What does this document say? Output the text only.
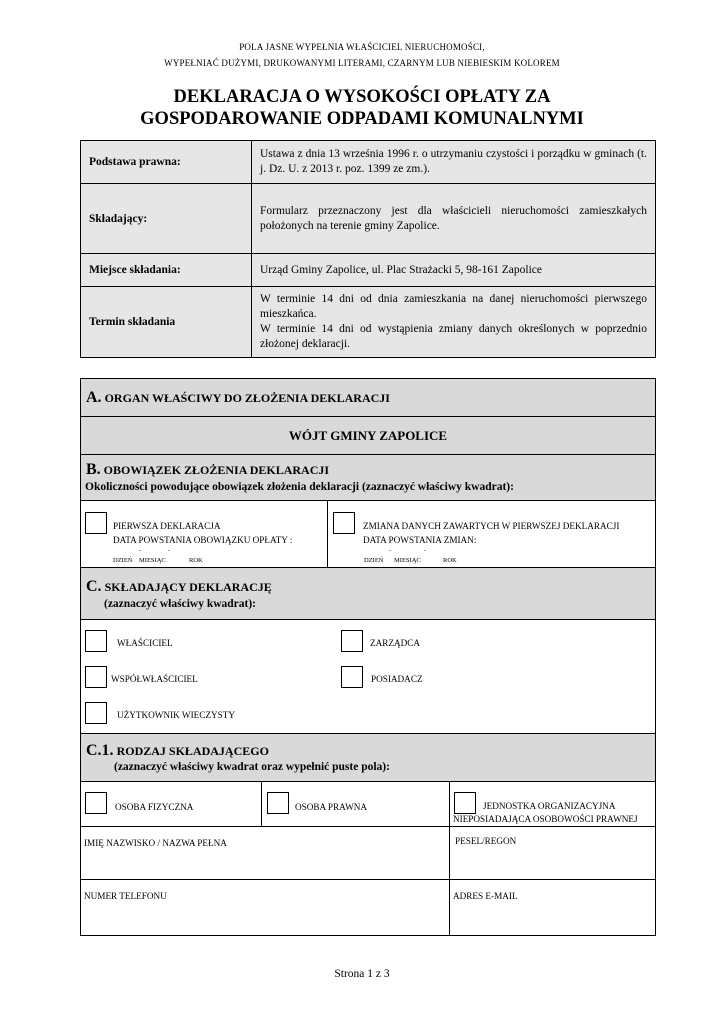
POLA JASNE WYPEŁNIA WŁAŚCICIEL NIERUCHOMOŚCI,
WYPEŁNIAĆ DUŻYMI, DRUKOWANYMI LITERAMI, CZARNYM LUB NIEBIESKIM KOLOREM
DEKLARACJA O WYSOKOŚCI OPŁATY ZA
GOSPODAROWANIE ODPADAMI KOMUNALNYMI
Podstawa prawna:	Ustawa z dnia 13 września 1996 r. o utrzymaniu czystości i porządku w gminach (t. j. Dz. U. z 2013 r. poz. 1399 ze zm.).
Składający:	Formularz przeznaczony jest dla właścicieli nieruchomości zamieszkałych położonych na terenie gminy Zapolice.
Miejsce składania:	Urząd Gminy Zapolice, ul. Plac Strażacki 5, 98-161 Zapolice
Termin składania	W terminie 14 dni od dnia zamieszkania na danej nieruchomości pierwszego mieszkańca.
W terminie 14 dni od wystąpienia zmiany danych określonych w poprzednio złożonej deklaracji.
A. ORGAN WŁAŚCIWY DO ZŁOŻENIA DEKLARACJI
WÓJT GMINY ZAPOLICE
B. OBOWIĄZEK ZŁOŻENIA DEKLARACJI
Okoliczności powodujące obowiązek złożenia deklaracji (zaznaczyć właściwy kwadrat):
PIERWSZA DEKLARACJA
DATA POWSTANIA OBOWIĄZKU OPŁATY :
-	-
DZIEŃ MIESIĄC	ROK
ZMIANA DANYCH ZAWARTYCH W PIERWSZEJ DEKLARACJI
DATA POWSTANIA ZMIAN:
-	-
DZIEŃ MIESIĄC	ROK
C. SKŁADAJĄCY DEKLARACJĘ
(zaznaczyć właściwy kwadrat):
WŁAŚCICIEL	ZARZĄDCA
WSPÓŁWŁAŚCICIEL	POSIADACZ
UŻYTKOWNIK WIECZYSTY
C.1. RODZAJ SKŁADAJĄCEGO
(zaznaczyć właściwy kwadrat oraz wypełnić puste pola):
OSOBA FIZYCZNA	OSOBA PRAWNA	JEDNOSTKA ORGANIZACYJNA
NIEPOSIADAJĄCA OSOBOWOŚCI PRAWNEJ
IMIĘ NAZWISKO / NAZWA PEŁNA	PESEL/REGON
NUMER TELEFONU	ADRES E-MAIL
Strona 1 z 3
